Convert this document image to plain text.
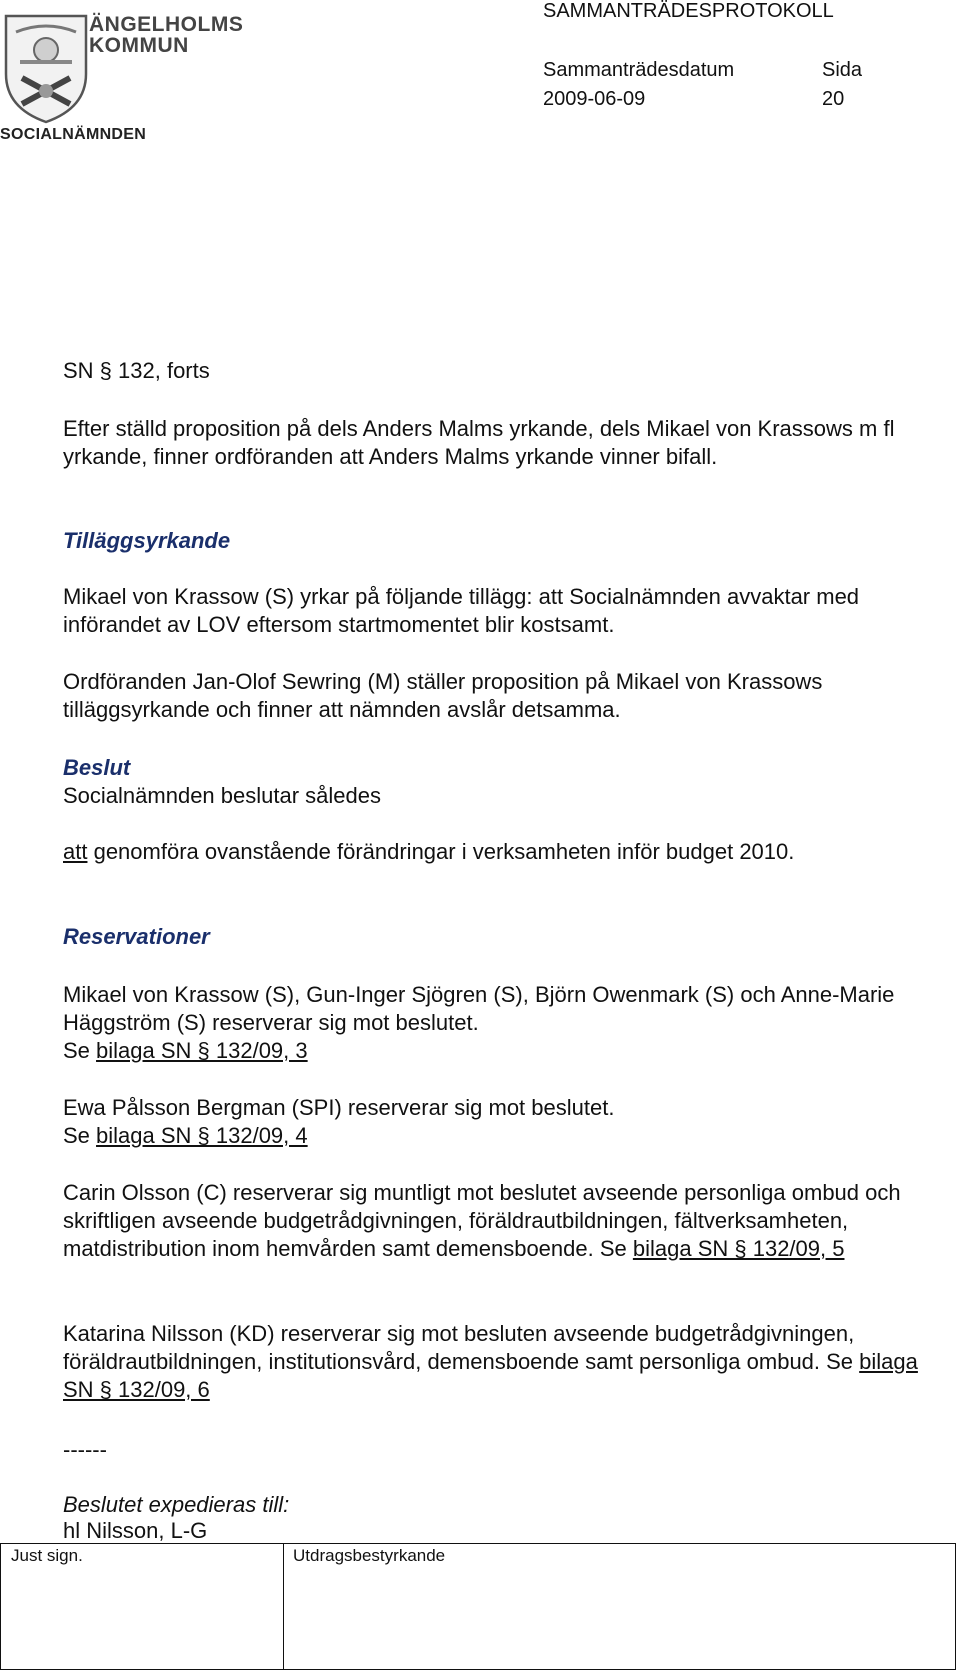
ÄNGELHOLMS
KOMMUN
SOCIALNÄMNDEN
SAMMANTRÄDESPROTOKOLL
Sammanträdesdatum
2009-06-09
Sida
20
SN § 132, forts
Efter ställd proposition på dels Anders Malms yrkande, dels Mikael von Krassows m fl yrkande, finner ordföranden att Anders Malms yrkande vinner bifall.
Tilläggsyrkande
Mikael von Krassow (S) yrkar på följande tillägg: att Socialnämnden avvaktar med införandet av LOV eftersom startmomentet blir kostsamt.
Ordföranden Jan-Olof Sewring (M) ställer proposition på Mikael von Krassows tilläggsyrkande och finner att nämnden avslår detsamma.
Beslut
Socialnämnden beslutar således
att genomföra ovanstående förändringar i verksamheten inför budget 2010.
Reservationer
Mikael von Krassow (S), Gun-Inger Sjögren (S), Björn Owenmark (S) och Anne-Marie Häggström (S) reserverar sig mot beslutet.
Se bilaga SN § 132/09, 3
Ewa Pålsson Bergman (SPI) reserverar sig mot beslutet.
Se bilaga SN § 132/09, 4
Carin Olsson (C) reserverar sig muntligt mot beslutet avseende personliga ombud och skriftligen avseende budgetrådgivningen, föräldrautbildningen, fältverksamheten, matdistribution inom hemvården samt demensboende. Se bilaga SN § 132/09, 5
Katarina Nilsson (KD) reserverar sig mot besluten avseende budgetrådgivningen, föräldrautbildningen, institutionsvård, demensboende samt personliga ombud. Se bilaga SN § 132/09, 6
------
Beslutet expedieras till:
hl Nilsson, L-G
Just sign.	Utdragsbestyrkande
